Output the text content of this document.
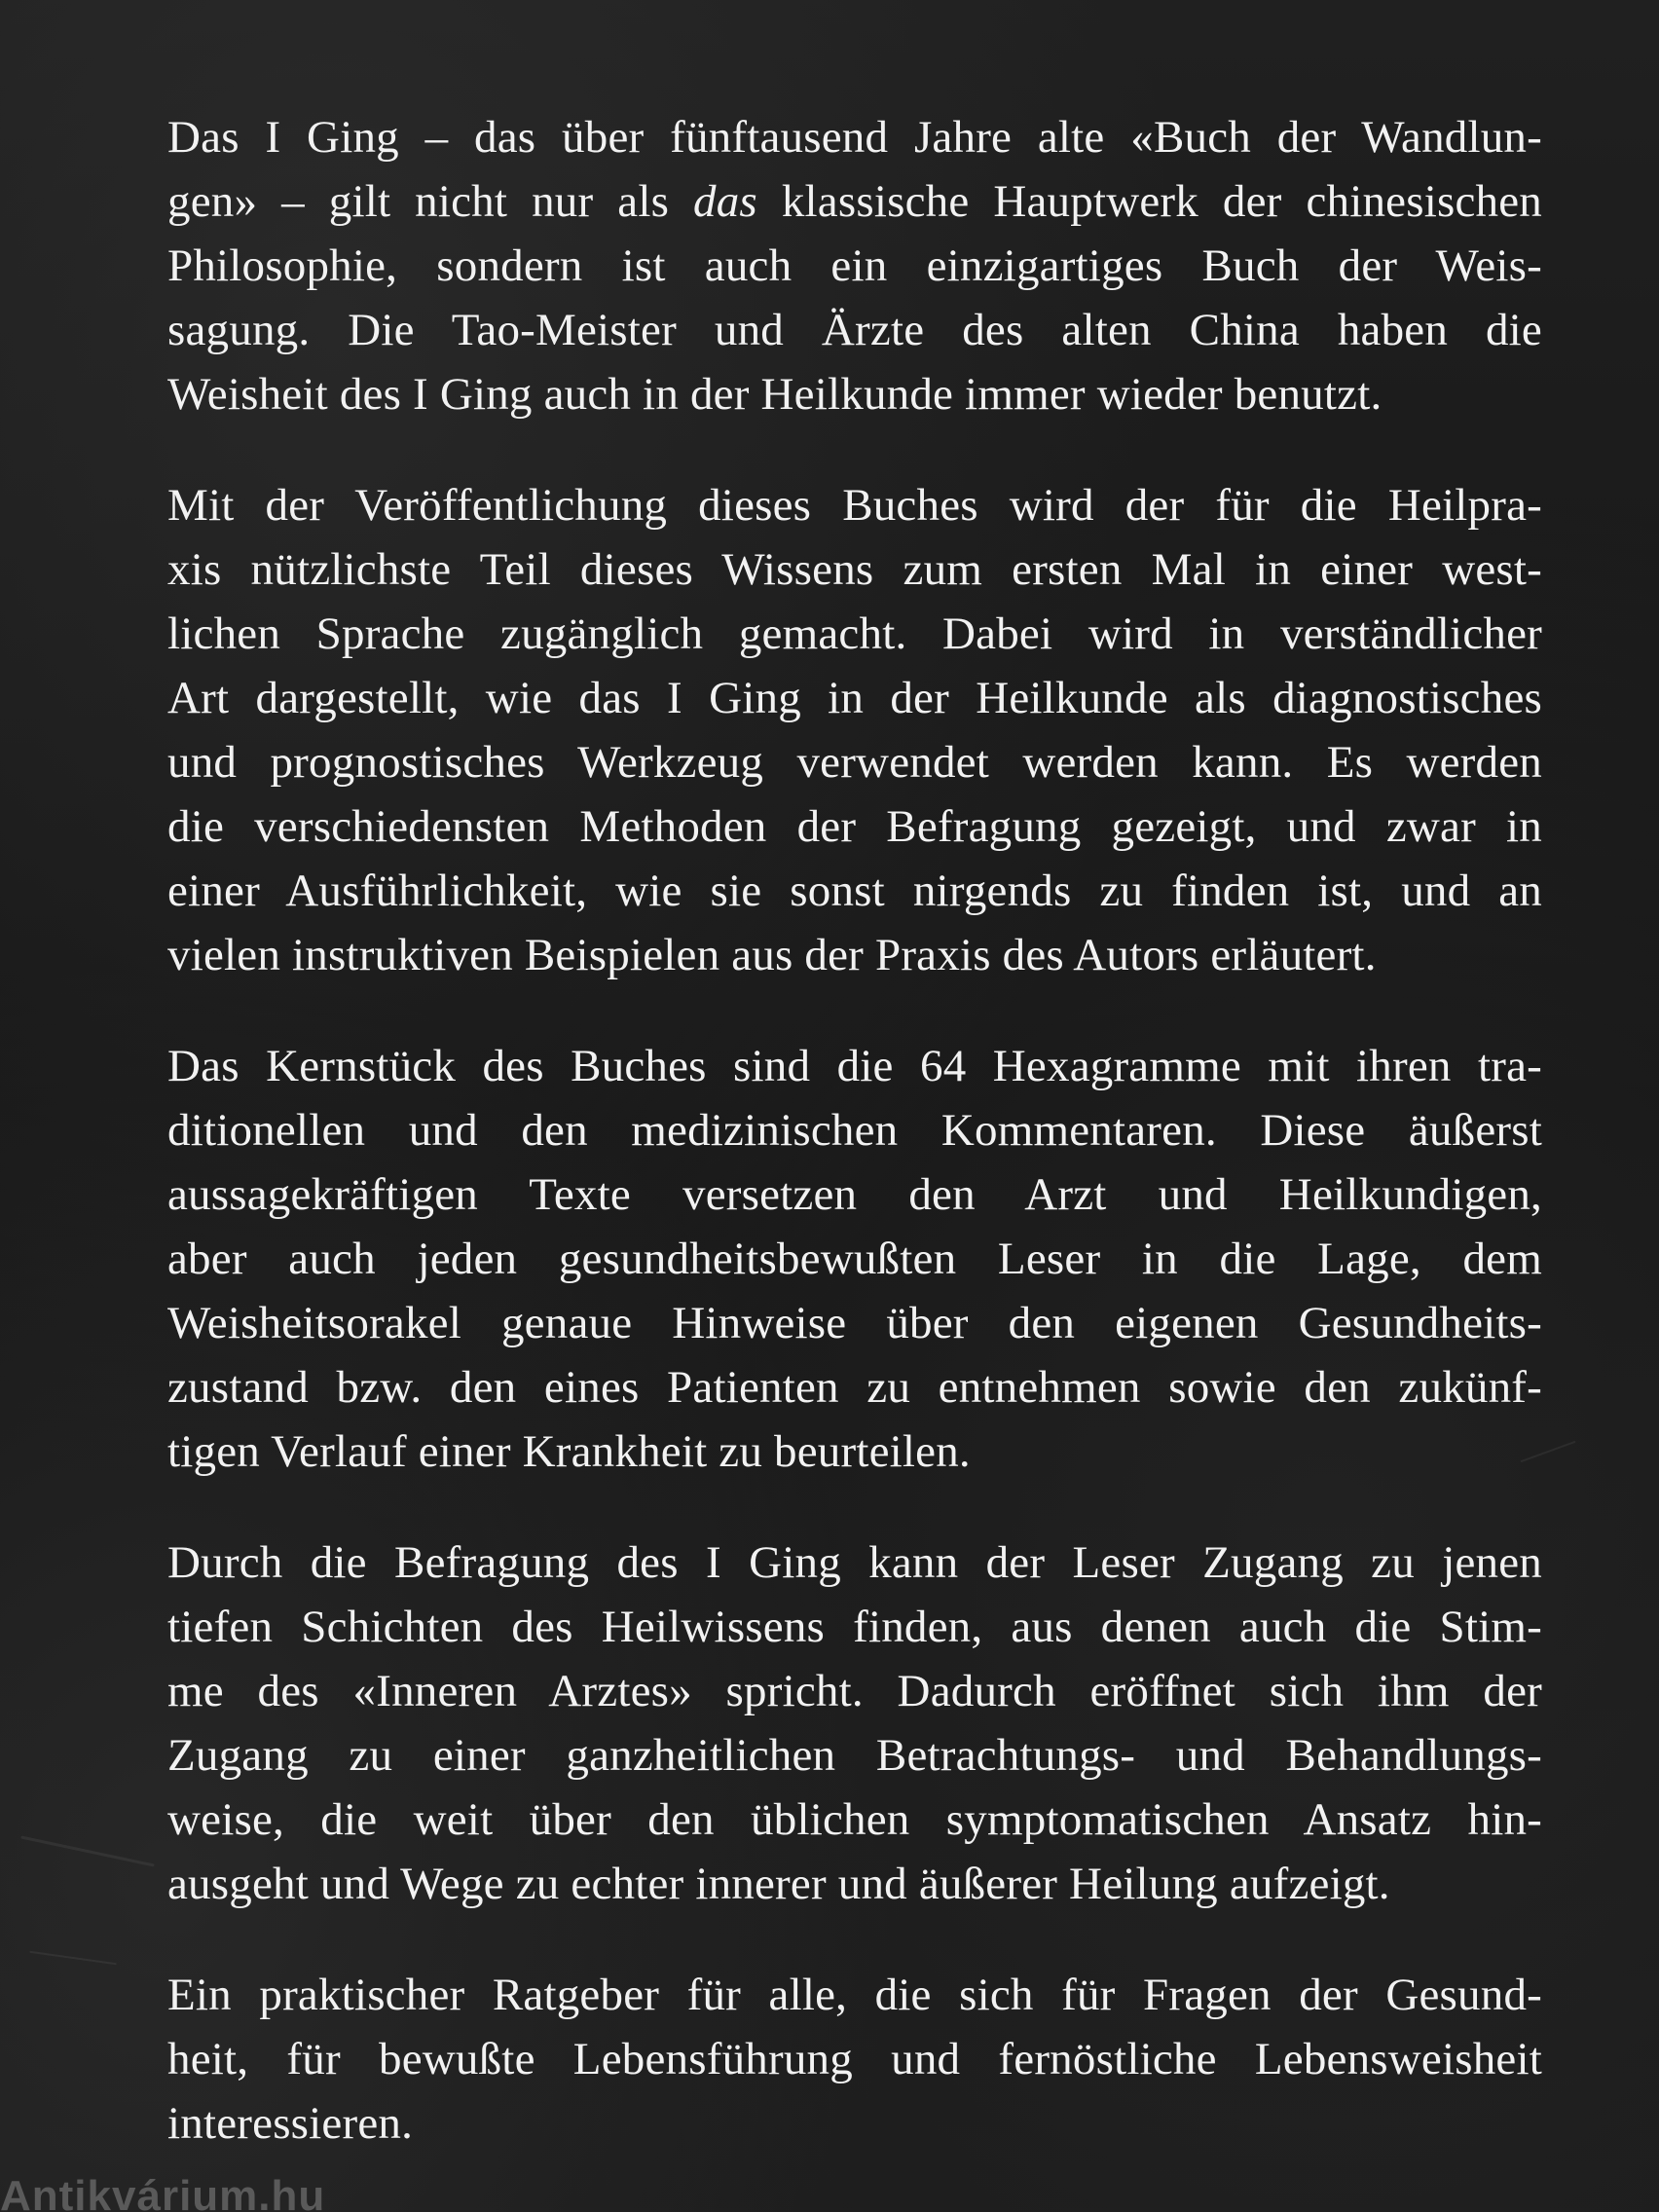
Das I Ging – das über fünftausend Jahre alte «Buch der Wandlun-
gen» – gilt nicht nur als das klassische Hauptwerk der chinesischen
Philosophie, sondern ist auch ein einzigartiges Buch der Weis-
sagung. Die Tao-Meister und Ärzte des alten China haben die
Weisheit des I Ging auch in der Heilkunde immer wieder benutzt.

Mit der Veröffentlichung dieses Buches wird der für die Heilpra-
xis nützlichste Teil dieses Wissens zum ersten Mal in einer west-
lichen Sprache zugänglich gemacht. Dabei wird in verständlicher
Art dargestellt, wie das I Ging in der Heilkunde als diagnostisches
und prognostisches Werkzeug verwendet werden kann. Es werden
die verschiedensten Methoden der Befragung gezeigt, und zwar in
einer Ausführlichkeit, wie sie sonst nirgends zu finden ist, und an
vielen instruktiven Beispielen aus der Praxis des Autors erläutert.

Das Kernstück des Buches sind die 64 Hexagramme mit ihren tra-
ditionellen und den medizinischen Kommentaren. Diese äußerst
aussagekräftigen Texte versetzen den Arzt und Heilkundigen,
aber auch jeden gesundheitsbewußten Leser in die Lage, dem
Weisheitsorakel genaue Hinweise über den eigenen Gesundheits-
zustand bzw. den eines Patienten zu entnehmen sowie den zukünf-
tigen Verlauf einer Krankheit zu beurteilen.

Durch die Befragung des I Ging kann der Leser Zugang zu jenen
tiefen Schichten des Heilwissens finden, aus denen auch die Stim-
me des «Inneren Arztes» spricht. Dadurch eröffnet sich ihm der
Zugang zu einer ganzheitlichen Betrachtungs- und Behandlungs-
weise, die weit über den üblichen symptomatischen Ansatz hin-
ausgeht und Wege zu echter innerer und äußerer Heilung aufzeigt.

Ein praktischer Ratgeber für alle, die sich für Fragen der Gesund-
heit, für bewußte Lebensführung und fernöstliche Lebensweisheit
interessieren.

Antikvárium.hu
